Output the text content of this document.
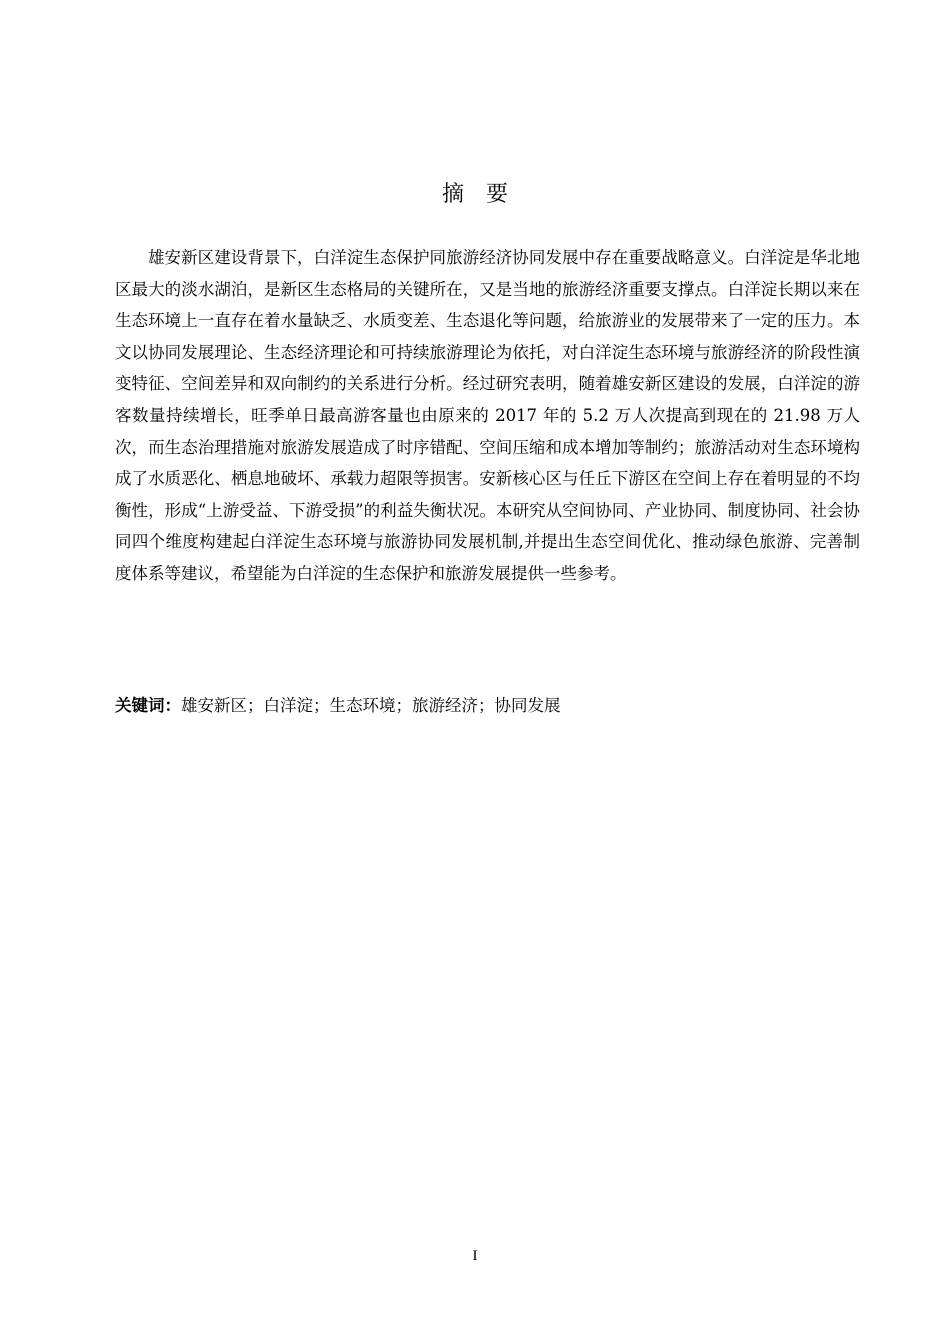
摘 要

雄安新区建设背景下，白洋淀生态保护同旅游经济协同发展中存在重要战略意义。白洋淀是华北地区最大的淡水湖泊，是新区生态格局的关键所在，又是当地的旅游经济重要支撑点。白洋淀长期以来在生态环境上一直存在着水量缺乏、水质变差、生态退化等问题，给旅游业的发展带来了一定的压力。本文以协同发展理论、生态经济理论和可持续旅游理论为依托，对白洋淀生态环境与旅游经济的阶段性演变特征、空间差异和双向制约的关系进行分析。经过研究表明，随着雄安新区建设的发展，白洋淀的游客数量持续增长，旺季单日最高游客量也由原来的 2017 年的 5.2 万人次提高到现在的 21.98 万人次，而生态治理措施对旅游发展造成了时序错配、空间压缩和成本增加等制约；旅游活动对生态环境构成了水质恶化、栖息地破坏、承载力超限等损害。安新核心区与任丘下游区在空间上存在着明显的不均衡性，形成“上游受益、下游受损”的利益失衡状况。本研究从空间协同、产业协同、制度协同、社会协同四个维度构建起白洋淀生态环境与旅游协同发展机制,并提出生态空间优化、推动绿色旅游、完善制度体系等建议，希望能为白洋淀的生态保护和旅游发展提供一些参考。

关键词：雄安新区；白洋淀；生态环境；旅游经济；协同发展

I
